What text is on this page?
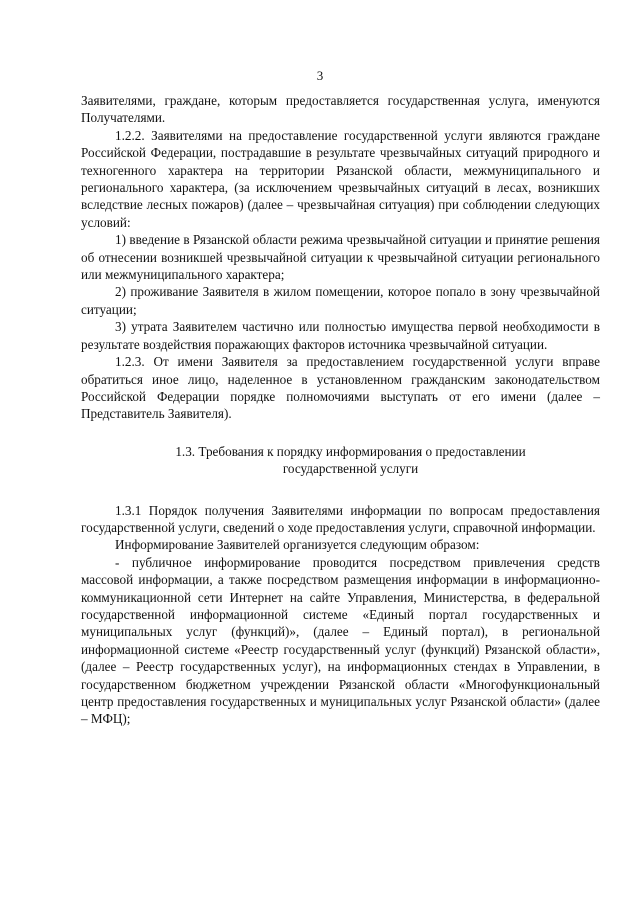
3

Заявителями, граждане, которым предоставляется государственная услуга, именуются Получателями.

1.2.2. Заявителями на предоставление государственной услуги являются граждане Российской Федерации, пострадавшие в результате чрезвычайных ситуаций природного и техногенного характера на территории Рязанской области, межмуниципального и регионального характера, (за исключением чрезвычайных ситуаций в лесах, возникших вследствие лесных пожаров) (далее – чрезвычайная ситуация) при соблюдении следующих условий:

1) введение в Рязанской области режима чрезвычайной ситуации и принятие решения об отнесении возникшей чрезвычайной ситуации к чрезвычайной ситуации регионального или межмуниципального характера;

2) проживание Заявителя в жилом помещении, которое попало в зону чрезвычайной ситуации;

3) утрата Заявителем частично или полностью имущества первой необходимости в результате воздействия поражающих факторов источника чрезвычайной ситуации.

1.2.3. От имени Заявителя за предоставлением государственной услуги вправе обратиться иное лицо, наделенное в установленном гражданским законодательством Российской Федерации порядке полномочиями выступать от его имени (далее – Представитель Заявителя).

1.3. Требования к порядку информирования о предоставлении
государственной услуги

1.3.1 Порядок получения Заявителями информации по вопросам предоставления государственной услуги, сведений о ходе предоставления услуги, справочной информации.

Информирование Заявителей организуется следующим образом:

- публичное информирование проводится посредством привлечения средств массовой информации, а также посредством размещения информации в информационно-коммуникационной сети Интернет на сайте Управления, Министерства, в федеральной государственной информационной системе «Единый портал государственных и муниципальных услуг (функций)», (далее – Единый портал), в региональной информационной системе «Реестр государственный услуг (функций) Рязанской области», (далее – Реестр государственных услуг), на информационных стендах в Управлении, в государственном бюджетном учреждении Рязанской области «Многофункциональный центр предоставления государственных и муниципальных услуг Рязанской области» (далее – МФЦ);
